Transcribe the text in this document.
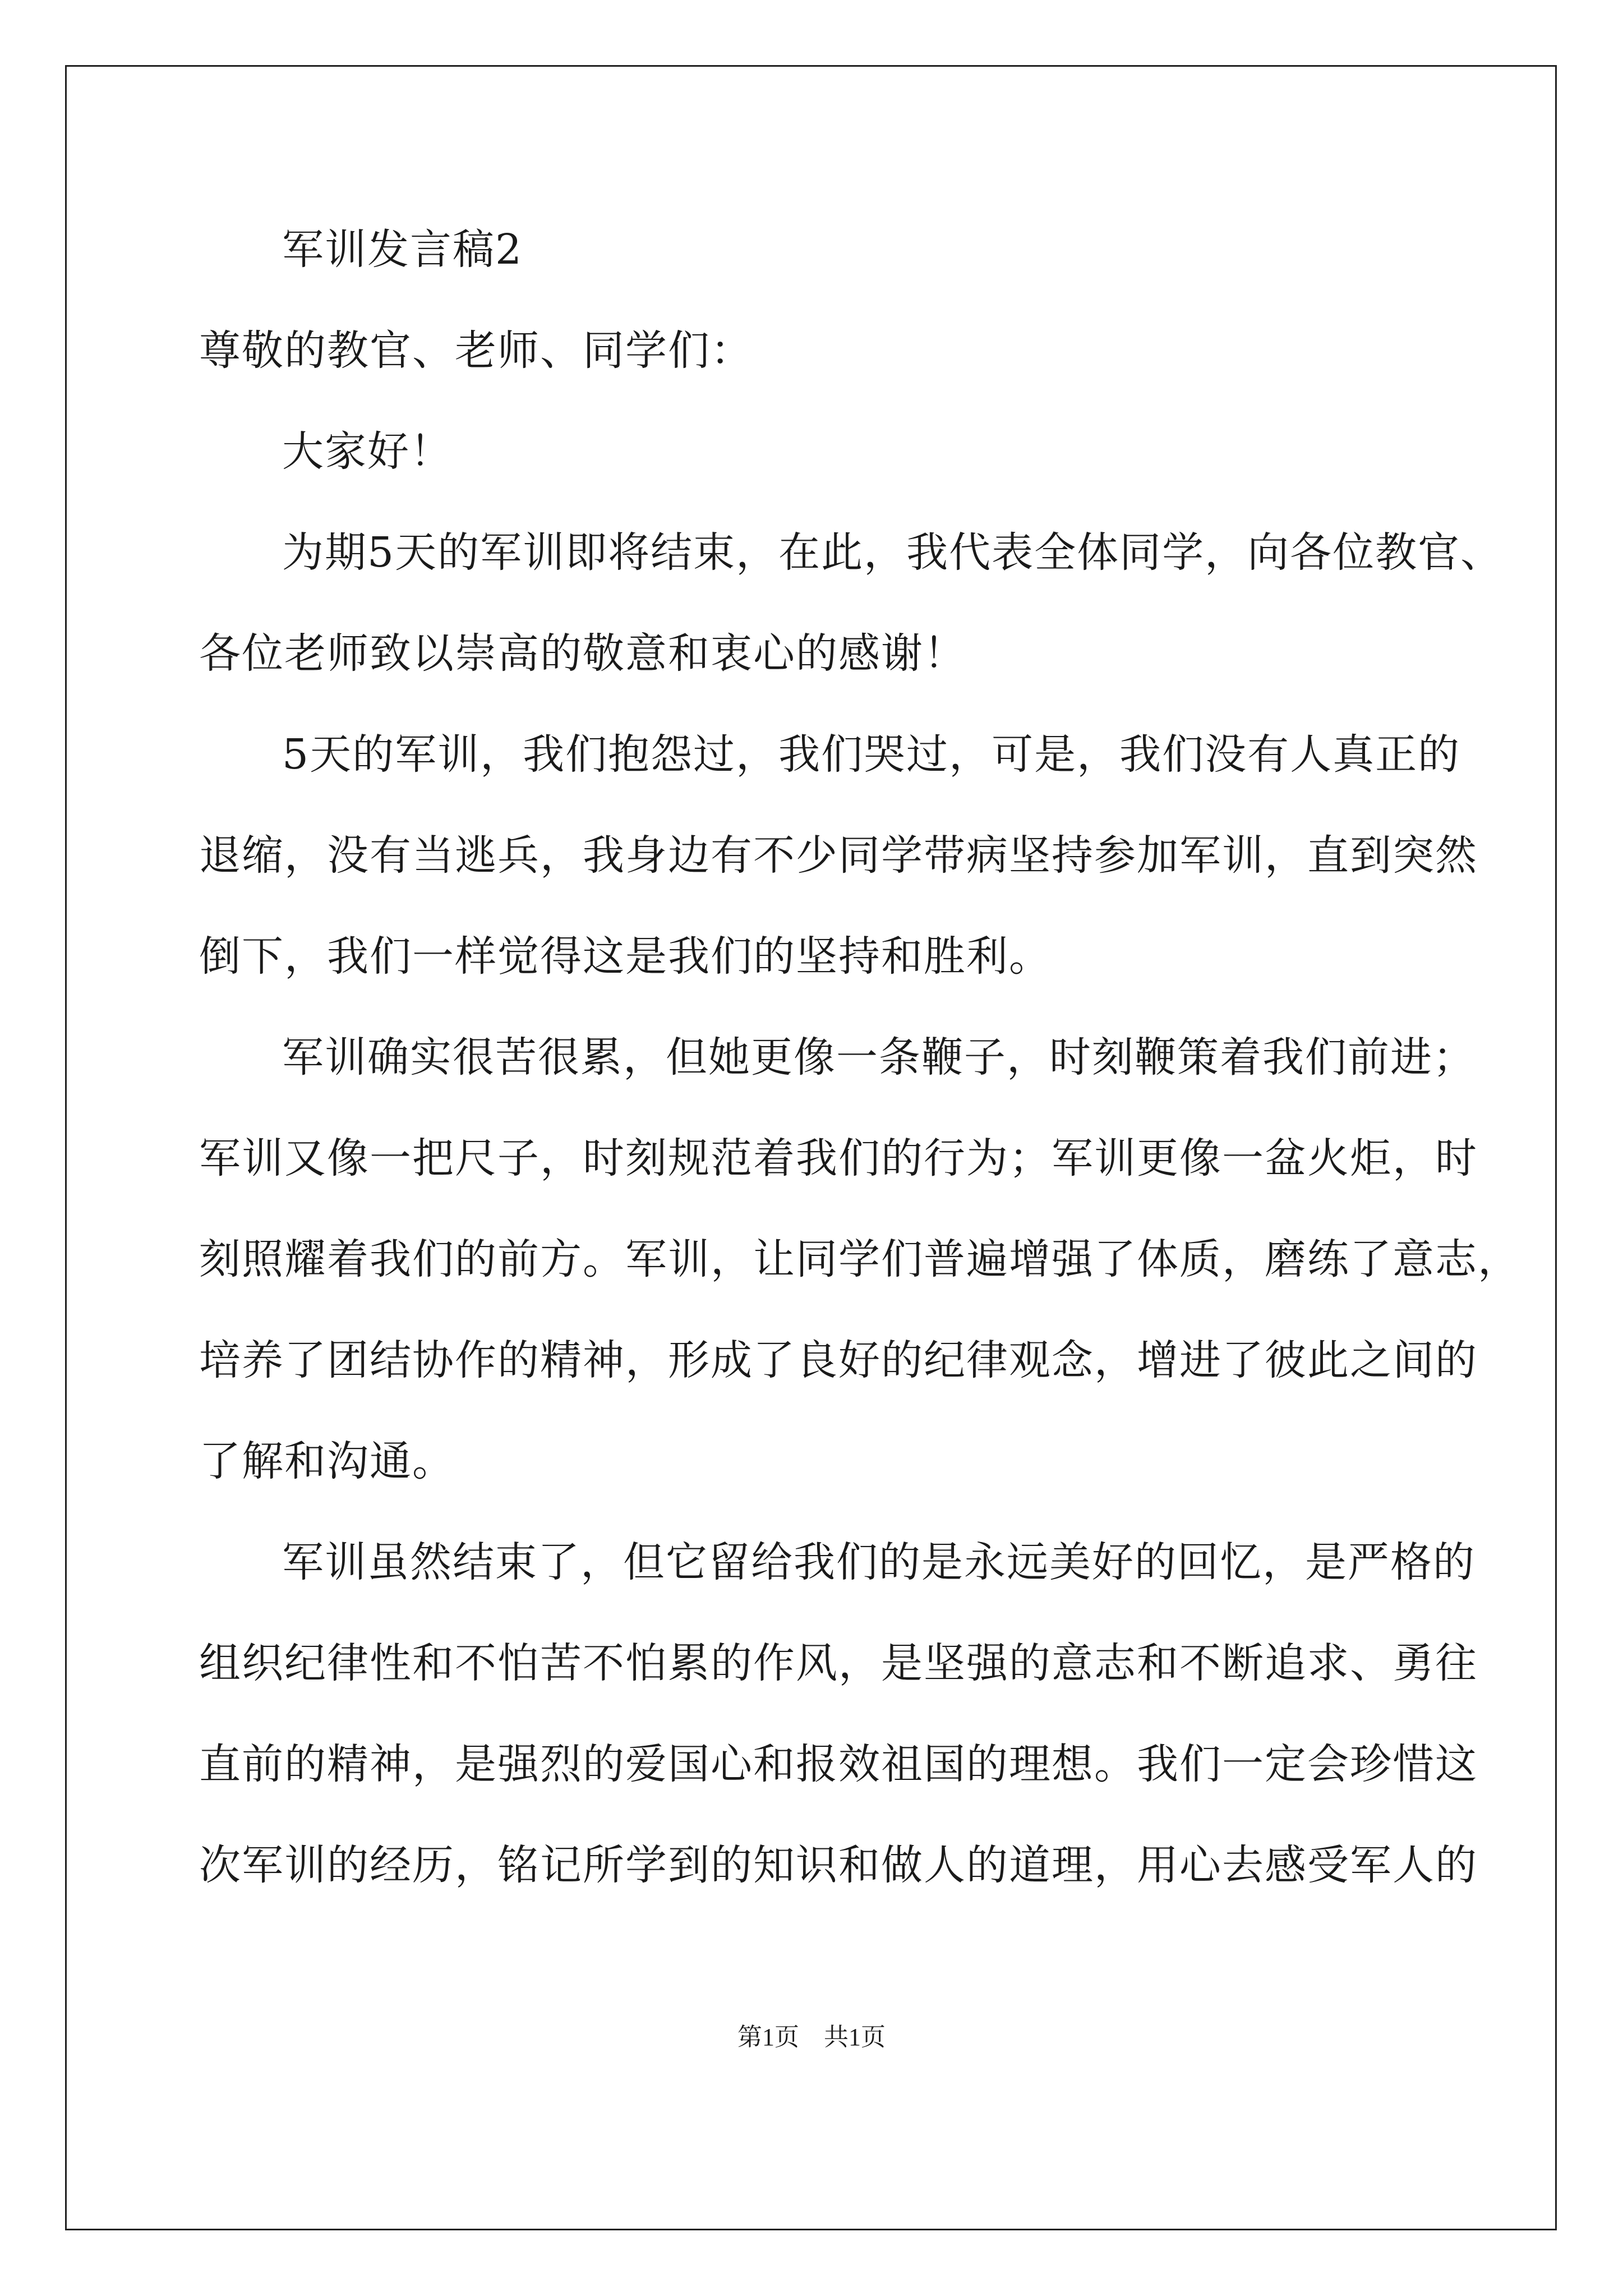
军训发言稿2
尊敬的教官、老师、同学们：
大家好！
为期5天的军训即将结束，在此，我代表全体同学，向各位教官、
各位老师致以崇高的敬意和衷心的感谢！
5天的军训，我们抱怨过，我们哭过，可是，我们没有人真正的
退缩，没有当逃兵，我身边有不少同学带病坚持参加军训，直到突然
倒下，我们一样觉得这是我们的坚持和胜利。
军训确实很苦很累，但她更像一条鞭子，时刻鞭策着我们前进；
军训又像一把尺子，时刻规范着我们的行为；军训更像一盆火炬，时
刻照耀着我们的前方。军训，让同学们普遍增强了体质，磨练了意志，
培养了团结协作的精神，形成了良好的纪律观念，增进了彼此之间的
了解和沟通。
军训虽然结束了，但它留给我们的是永远美好的回忆，是严格的
组织纪律性和不怕苦不怕累的作风，是坚强的意志和不断追求、勇往
直前的精神，是强烈的爱国心和报效祖国的理想。我们一定会珍惜这
次军训的经历，铭记所学到的知识和做人的道理，用心去感受军人的
第1页　共1页
